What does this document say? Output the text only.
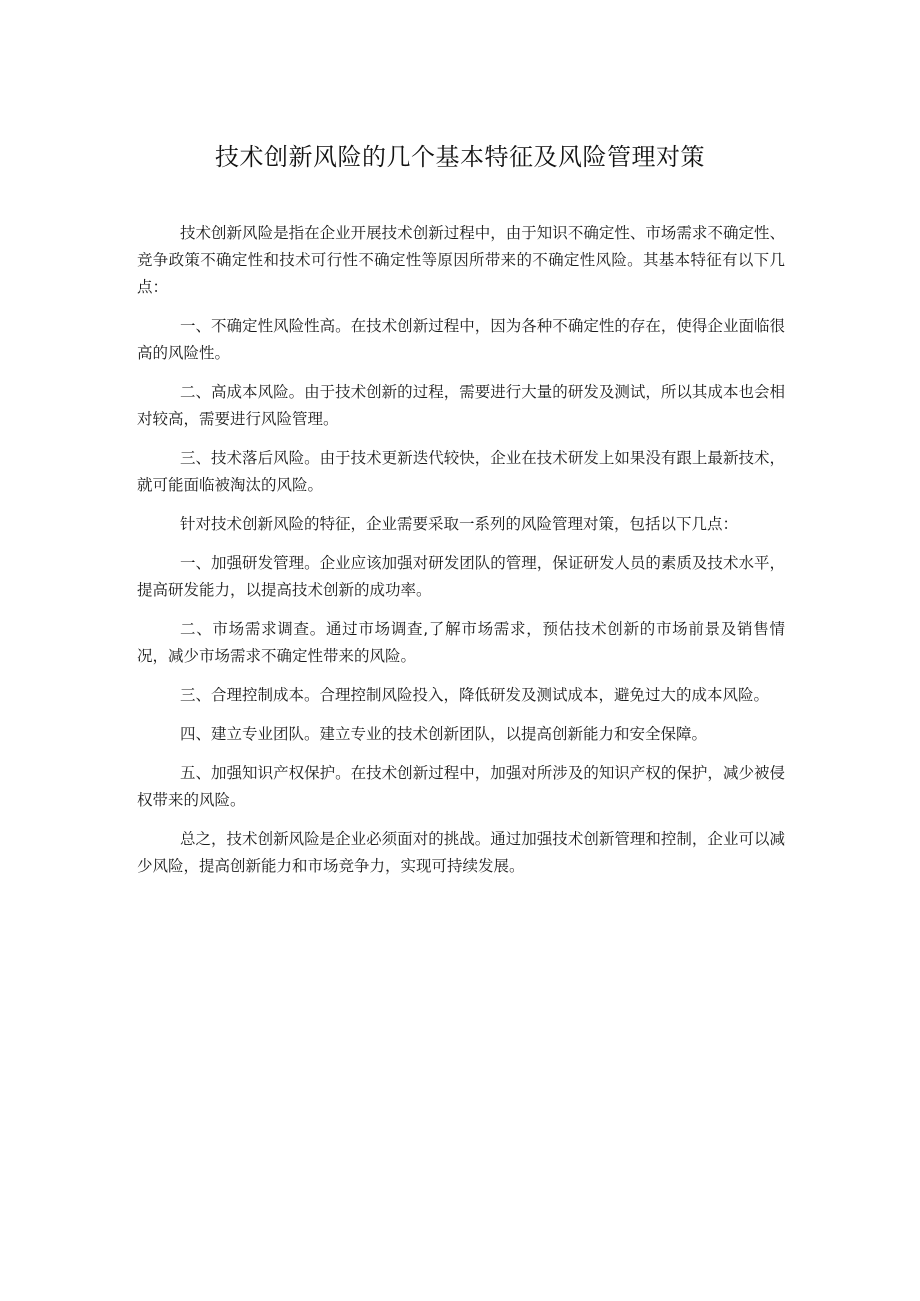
技术创新风险的几个基本特征及风险管理对策

技术创新风险是指在企业开展技术创新过程中，由于知识不确定性、市场需求不确定性、竞争政策不确定性和技术可行性不确定性等原因所带来的不确定性风险。其基本特征有以下几点：

一、不确定性风险性高。在技术创新过程中，因为各种不确定性的存在，使得企业面临很高的风险性。

二、高成本风险。由于技术创新的过程，需要进行大量的研发及测试，所以其成本也会相对较高，需要进行风险管理。

三、技术落后风险。由于技术更新迭代较快，企业在技术研发上如果没有跟上最新技术，就可能面临被淘汰的风险。

针对技术创新风险的特征，企业需要采取一系列的风险管理对策，包括以下几点：

一、加强研发管理。企业应该加强对研发团队的管理，保证研发人员的素质及技术水平，提高研发能力，以提高技术创新的成功率。

二、市场需求调查。通过市场调查,了解市场需求，预估技术创新的市场前景及销售情况，减少市场需求不确定性带来的风险。

三、合理控制成本。合理控制风险投入，降低研发及测试成本，避免过大的成本风险。

四、建立专业团队。建立专业的技术创新团队，以提高创新能力和安全保障。

五、加强知识产权保护。在技术创新过程中，加强对所涉及的知识产权的保护，减少被侵权带来的风险。

总之，技术创新风险是企业必须面对的挑战。通过加强技术创新管理和控制，企业可以减少风险，提高创新能力和市场竞争力，实现可持续发展。
